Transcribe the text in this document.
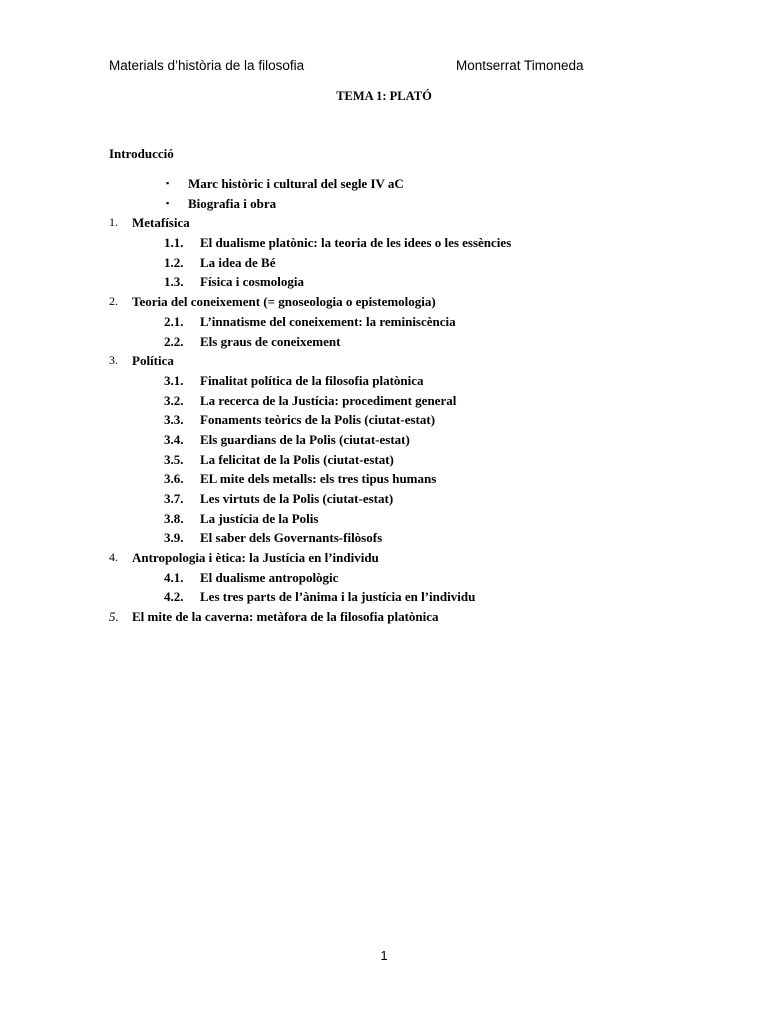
Materials d’història de la filosofia	Montserrat Timoneda
TEMA 1: PLATÓ
Introducció
▪ Marc històric i cultural del segle IV aC
▪ Biografia i obra
1. Metafísica
1.1. El dualisme platònic: la teoria de les idees o les essències
1.2. La idea de Bé
1.3. Física i cosmologia
2. Teoria del coneixement (= gnoseologia o epistemologia)
2.1. L’innatisme del coneixement: la reminiscència
2.2. Els graus de coneixement
3. Política
3.1. Finalitat política de la filosofia platònica
3.2. La recerca de la Justícia: procediment general
3.3. Fonaments teòrics de la Polis (ciutat-estat)
3.4. Els guardians de la Polis (ciutat-estat)
3.5. La felicitat de la Polis (ciutat-estat)
3.6. EL mite dels metalls: els tres tipus humans
3.7. Les virtuts de la Polis (ciutat-estat)
3.8. La justícia de la Polis
3.9. El saber dels Governants-filòsofs
4. Antropologia i ètica: la Justícia en l’individu
4.1. El dualisme antropològic
4.2. Les tres parts de l’ànima i la justícia en l’individu
5. El mite de la caverna: metàfora de la filosofia platònica
1
